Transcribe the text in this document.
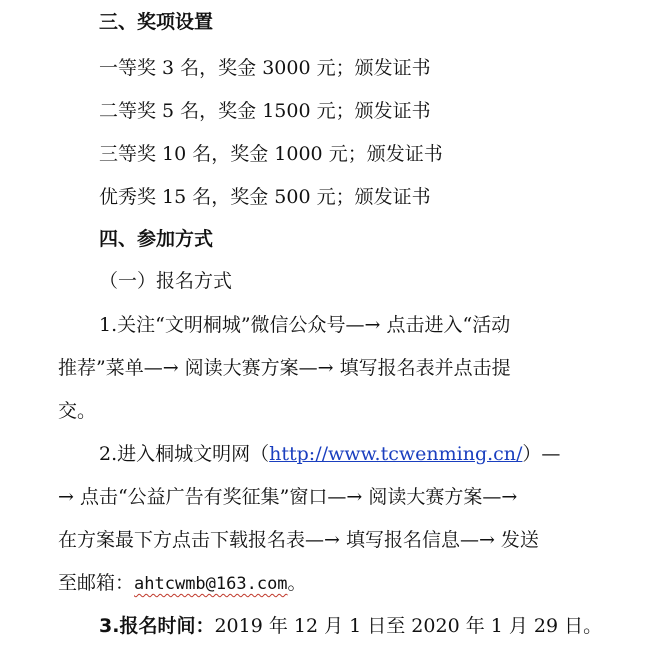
三、奖项设置
一等奖 3 名，奖金 3000 元；颁发证书
二等奖 5 名，奖金 1500 元；颁发证书
三等奖 10 名，奖金 1000 元；颁发证书
优秀奖 15 名，奖金 500 元；颁发证书
四、参加方式
（一）报名方式
1.关注“文明桐城”微信公众号—→ 点击进入“活动
推荐”菜单—→ 阅读大赛方案—→ 填写报名表并点击提
交。
2.进入桐城文明网（http://www.tcwenming.cn/）—
→ 点击“公益广告有奖征集”窗口—→ 阅读大赛方案—→
在方案最下方点击下载报名表—→ 填写报名信息—→ 发送
至邮箱：ahtcwmb@163.com。
3.报名时间：2019 年 12 月 1 日至 2020 年 1 月 29 日。
